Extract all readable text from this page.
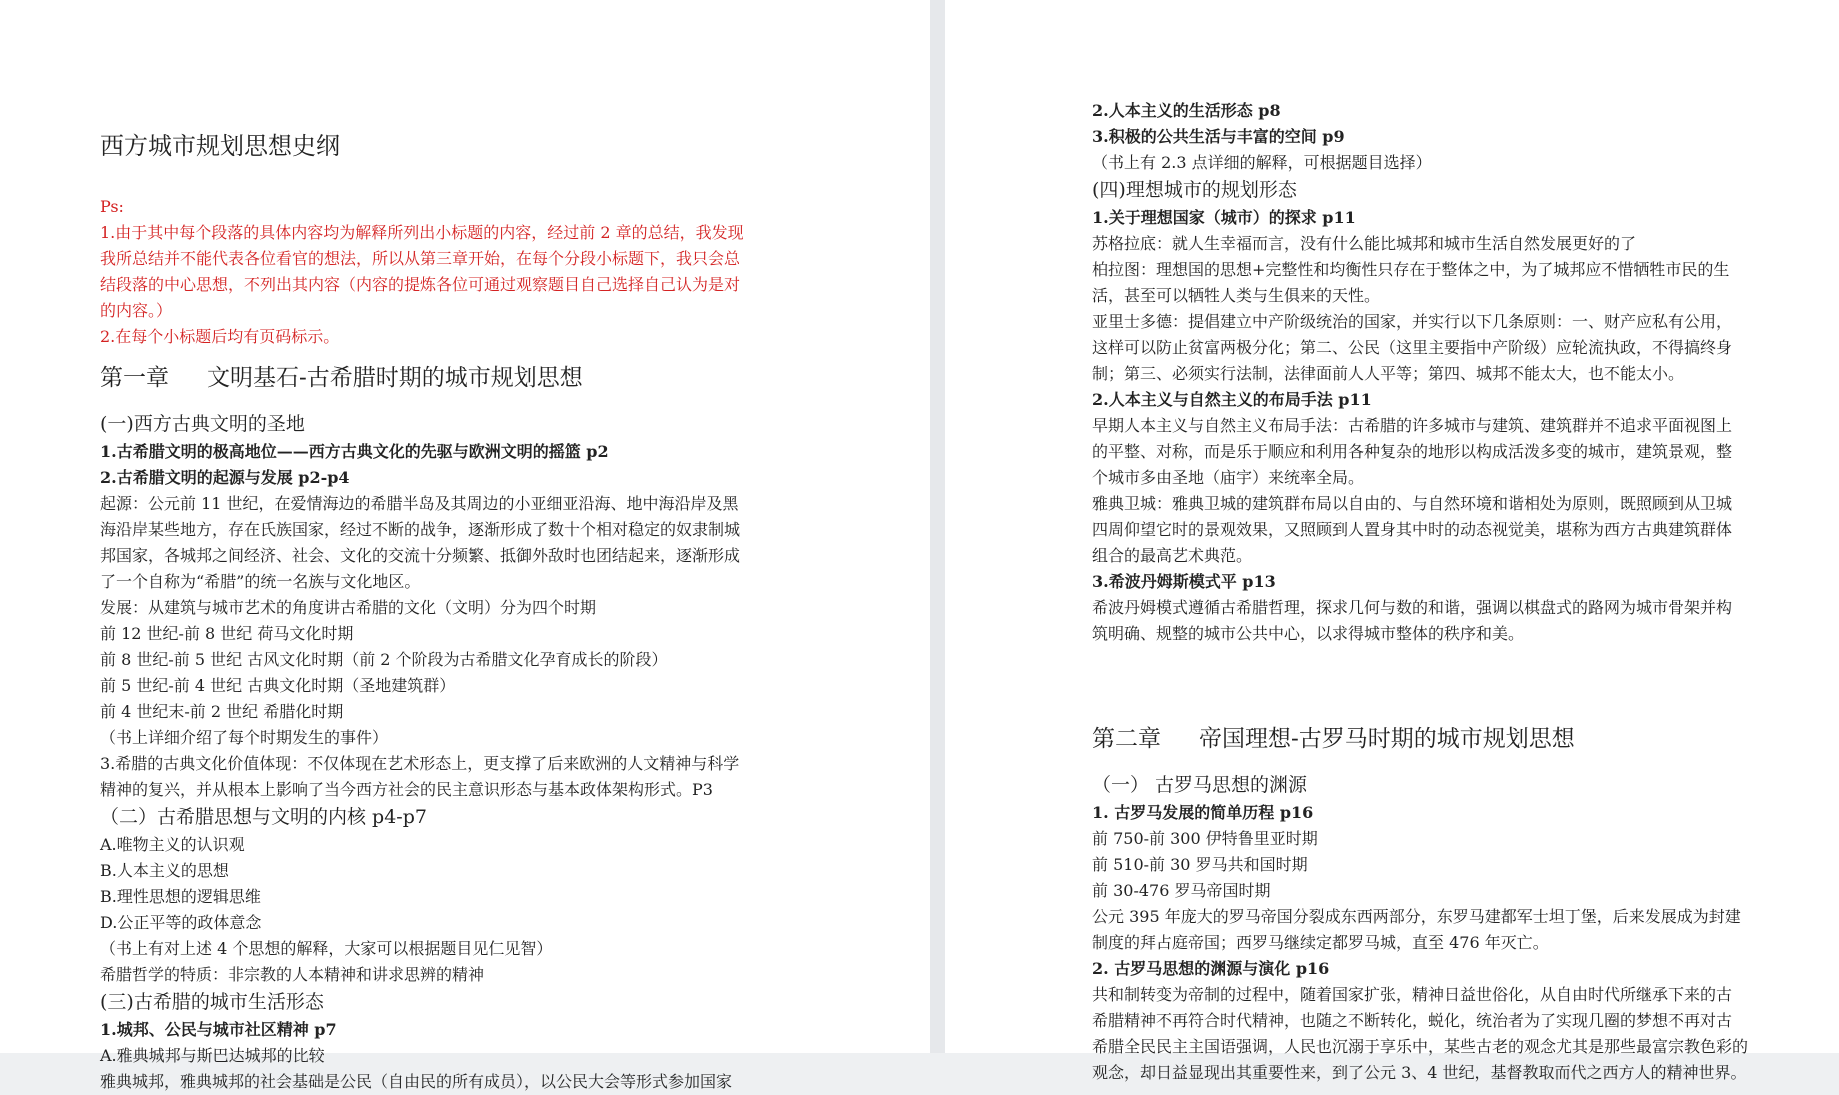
西方城市规划思想史纲
Ps:
1.由于其中每个段落的具体内容均为解释所列出小标题的内容，经过前 2 章的总结，我发现
我所总结并不能代表各位看官的想法，所以从第三章开始，在每个分段小标题下，我只会总
结段落的中心思想，不列出其内容（内容的提炼各位可通过观察题目自己选择自己认为是对
的内容。）
2.在每个小标题后均有页码标示。
第一章 文明基石-古希腊时期的城市规划思想
(一)西方古典文明的圣地
1.古希腊文明的极高地位——西方古典文化的先驱与欧洲文明的摇篮 p2
2.古希腊文明的起源与发展 p2-p4
起源：公元前 11 世纪，在爱情海边的希腊半岛及其周边的小亚细亚沿海、地中海沿岸及黑
海沿岸某些地方，存在氏族国家，经过不断的战争，逐渐形成了数十个相对稳定的奴隶制城
邦国家，各城邦之间经济、社会、文化的交流十分频繁、抵御外敌时也团结起来，逐渐形成
了一个自称为“希腊”的统一名族与文化地区。
发展：从建筑与城市艺术的角度讲古希腊的文化（文明）分为四个时期
前 12 世纪-前 8 世纪 荷马文化时期
前 8 世纪-前 5 世纪 古风文化时期（前 2 个阶段为古希腊文化孕育成长的阶段）
前 5 世纪-前 4 世纪 古典文化时期（圣地建筑群）
前 4 世纪末-前 2 世纪 希腊化时期
（书上详细介绍了每个时期发生的事件）
3.希腊的古典文化价值体现：不仅体现在艺术形态上，更支撑了后来欧洲的人文精神与科学
精神的复兴，并从根本上影响了当今西方社会的民主意识形态与基本政体架构形式。P3
（二）古希腊思想与文明的内核 p4-p7
A.唯物主义的认识观
B.人本主义的思想
B.理性思想的逻辑思维
D.公正平等的政体意念
（书上有对上述 4 个思想的解释，大家可以根据题目见仁见智）
希腊哲学的特质：非宗教的人本精神和讲求思辨的精神
(三)古希腊的城市生活形态
1.城邦、公民与城市社区精神 p7
A.雅典城邦与斯巴达城邦的比较
雅典城邦，雅典城邦的社会基础是公民（自由民的所有成员），以公民大会等形式参加国家
2.人本主义的生活形态 p8
3.积极的公共生活与丰富的空间 p9
（书上有 2.3 点详细的解释，可根据题目选择）
(四)理想城市的规划形态
1.关于理想国家（城市）的探求 p11
苏格拉底：就人生幸福而言，没有什么能比城邦和城市生活自然发展更好的了
柏拉图：理想国的思想+完整性和均衡性只存在于整体之中，为了城邦应不惜牺牲市民的生
活，甚至可以牺牲人类与生俱来的天性。
亚里士多德：提倡建立中产阶级统治的国家，并实行以下几条原则：一、财产应私有公用，
这样可以防止贫富两极分化；第二、公民（这里主要指中产阶级）应轮流执政，不得搞终身
制；第三、必须实行法制，法律面前人人平等；第四、城邦不能太大，也不能太小。
2.人本主义与自然主义的布局手法 p11
早期人本主义与自然主义布局手法：古希腊的许多城市与建筑、建筑群并不追求平面视图上
的平整、对称，而是乐于顺应和利用各种复杂的地形以构成活泼多变的城市，建筑景观，整
个城市多由圣地（庙宇）来统率全局。
雅典卫城：雅典卫城的建筑群布局以自由的、与自然环境和谐相处为原则，既照顾到从卫城
四周仰望它时的景观效果，又照顾到人置身其中时的动态视觉美，堪称为西方古典建筑群体
组合的最高艺术典范。
3.希波丹姆斯模式平 p13
希波丹姆模式遵循古希腊哲理，探求几何与数的和谐，强调以棋盘式的路网为城市骨架并构
筑明确、规整的城市公共中心，以求得城市整体的秩序和美。
第二章 帝国理想-古罗马时期的城市规划思想
（一） 古罗马思想的渊源
1. 古罗马发展的简单历程 p16
前 750-前 300 伊特鲁里亚时期
前 510-前 30 罗马共和国时期
前 30-476 罗马帝国时期
公元 395 年庞大的罗马帝国分裂成东西两部分，东罗马建都军士坦丁堡，后来发展成为封建
制度的拜占庭帝国；西罗马继续定都罗马城，直至 476 年灭亡。
2. 古罗马思想的渊源与演化 p16
共和制转变为帝制的过程中，随着国家扩张，精神日益世俗化，从自由时代所继承下来的古
希腊精神不再符合时代精神，也随之不断转化，蜕化，统治者为了实现几圈的梦想不再对古
希腊全民民主主国语强调，人民也沉溺于享乐中，某些古老的观念尤其是那些最富宗教色彩的
观念，却日益显现出其重要性来，到了公元 3、4 世纪，基督教取而代之西方人的精神世界。
